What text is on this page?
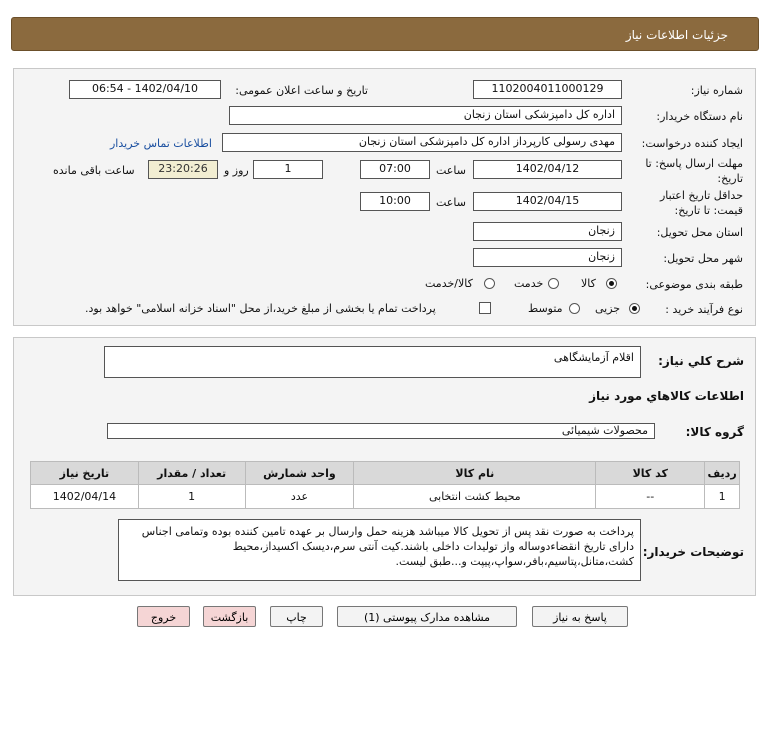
جزئیات اطلاعات نیاز
شماره نیاز:
1102004011000129
تاریخ و ساعت اعلان عمومی:
1402/04/10 - 06:54
نام دستگاه خریدار:
اداره کل دامپزشکی استان زنجان
ایجاد کننده درخواست:
مهدی رسولی کارپرداز اداره کل دامپزشکی استان زنجان
اطلاعات تماس خریدار
مهلت ارسال پاسخ: تا
تاریخ:
1402/04/12
ساعت
07:00
1
روز و
23:20:26
ساعت باقی مانده
حداقل تاریخ اعتبار
قیمت: تا تاریخ:
1402/04/15
ساعت
10:00
استان محل تحویل:
زنجان
شهر محل تحویل:
زنجان
طبقه بندی موضوعی:
کالا
خدمت
کالا/خدمت
نوع فرآیند خرید :
جزیی
متوسط
پرداخت تمام یا بخشی از مبلغ خرید،از محل "اسناد خزانه اسلامی" خواهد بود.
شرح کلي نياز:
اقلام آزمایشگاهی
اطلاعات کالاهاي مورد نياز
گروه کالا:
محصولات شیمیائی
ردیف	کد کالا	نام کالا	واحد شمارش	تعداد / مقدار	تاریخ نیاز
1	--	محیط کشت انتخابی	عدد	1	1402/04/14
توضیحات خریدار:
پرداخت به صورت نقد پس از تحویل کالا میباشد هزینه حمل وارسال بر عهده تامین کننده بوده وتمامی اجناس دارای تاریخ انقضاءدوساله واز تولیدات داخلی باشند.کیت آنتی سرم،دیسک اکسیداز،محیط کشت،متانل،پتاسیم،بافر،سواپ،پیپت و...طبق لیست.
پاسخ به نیاز
مشاهده مدارک پیوستی (1)
چاپ
بازگشت
خروج
